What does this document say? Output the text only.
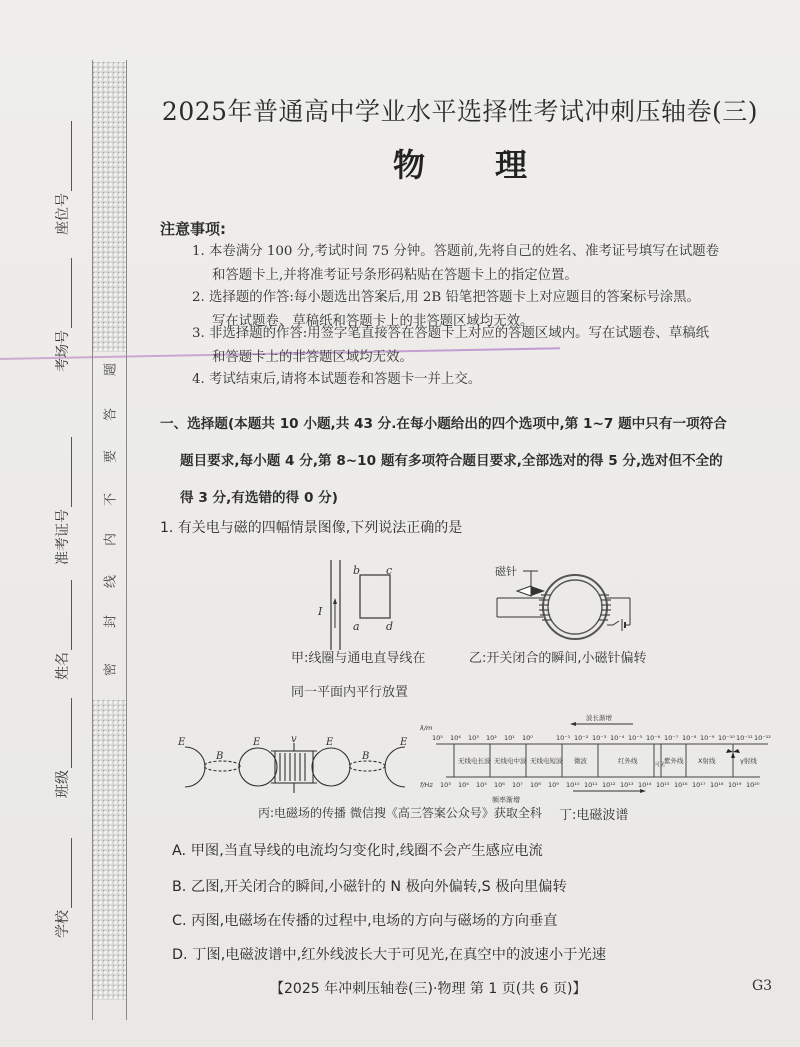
座位号
考场号
准考证号
姓名
班级
学校
密
封
线
内
不
要
答
题
2025年普通高中学业水平选择性考试冲刺压轴卷(三)
物理
注意事项:
1. 本卷满分 100 分,考试时间 75 分钟。答题前,先将自己的姓名、准考证号填写在试题卷
和答题卡上,并将准考证号条形码粘贴在答题卡上的指定位置。
2. 选择题的作答:每小题选出答案后,用 2B 铅笔把答题卡上对应题目的答案标号涂黑。
写在试题卷、草稿纸和答题卡上的非答题区域均无效。
3. 非选择题的作答:用签字笔直接答在答题卡上对应的答题区域内。写在试题卷、草稿纸
和答题卡上的非答题区域均无效。
4. 考试结束后,请将本试题卷和答题卡一并上交。
一、选择题(本题共 10 小题,共 43 分.在每小题给出的四个选项中,第 1~7 题中只有一项符合
题目要求,每小题 4 分,第 8~10 题有多项符合题目要求,全部选对的得 5 分,选对但不全的
得 3 分,有选错的得 0 分)
1. 有关电与磁的四幅情景图像,下列说法正确的是
I
b c
a d
甲:线圈与通电直导线在
同一平面内平行放置
磁针
乙:开关闭合的瞬间,小磁针偏转
E
B
E	v	E
B
E
丙:电磁场的传播 微信搜《高三答案公众号》获取全科
波长渐增
λ/m
无线电长波 无线电中波 无线电短波 微波	红外线	可见
紫外线 X射线	γ射线
10⁵ 10⁴ 10³ 10² 10¹ 10⁰	10⁻¹ 10⁻² 10⁻³ 10⁻⁴ 10⁻⁵ 10⁻⁶ 10⁻⁷ 10⁻⁸ 10⁻⁹ 10⁻¹⁰ 10⁻¹¹ 10⁻¹²
f/Hz 10³ 10⁴ 10⁵ 10⁶ 10⁷ 10⁸ 10⁹ 10¹⁰ 10¹¹ 10¹² 10¹³ 10¹⁴ 10¹⁵ 10¹⁶ 10¹⁷ 10¹⁸ 10¹⁹ 10²⁰
频率渐增
丁:电磁波谱
A. 甲图,当直导线的电流均匀变化时,线圈不会产生感应电流
B. 乙图,开关闭合的瞬间,小磁针的 N 极向外偏转,S 极向里偏转
C. 丙图,电磁场在传播的过程中,电场的方向与磁场的方向垂直
D. 丁图,电磁波谱中,红外线波长大于可见光,在真空中的波速小于光速
【2025 年冲刺压轴卷(三)·物理 第 1 页(共 6 页)】	G3
